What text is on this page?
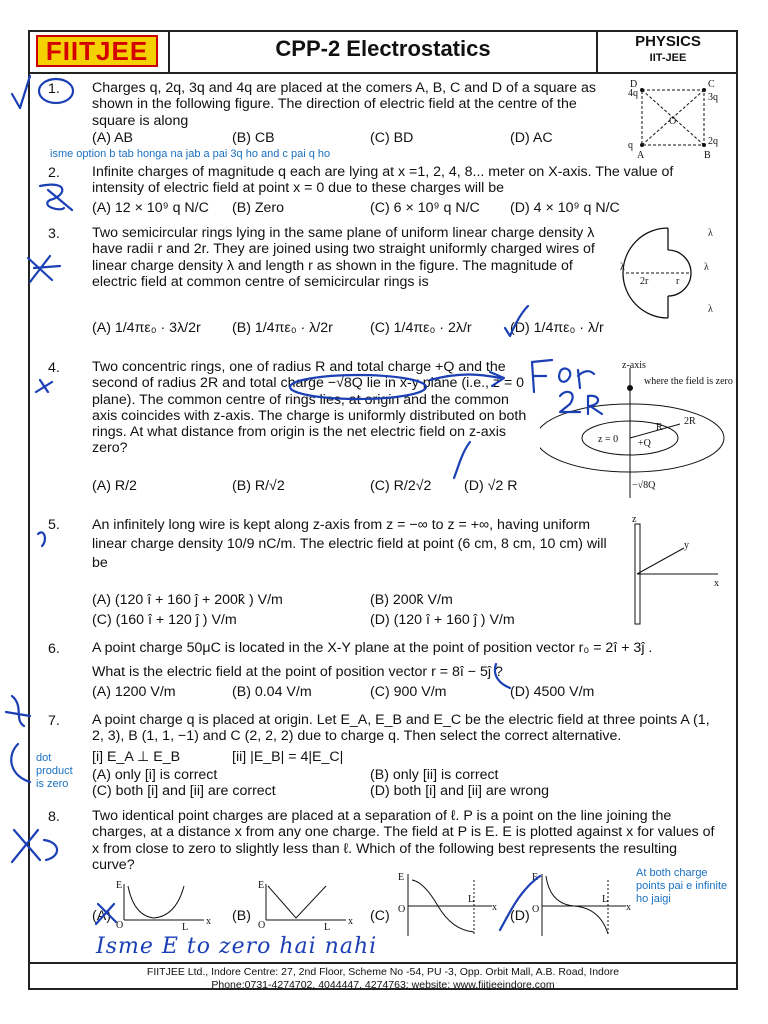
FIITJEE	CPP-2 Electrostatics	PHYSICS
IIT-JEE
1. Charges q, 2q, 3q and 4q are placed at the comers A, B, C and D of a square as shown in the following figure. The direction of electric field at the centre of the square is along
(A) AB	(B) CB	(C) BD	(D) AC
isme option b tab honga na jab a pai 3q ho and c pai q ho
4q
D	C
3q
O
q
A	B
2q
2. Infinite charges of magnitude q each are lying at x =1, 2, 4, 8... meter on X-axis. The value of intensity of electric field at point x = 0 due to these charges will be
(A) 12 × 10⁹ q N/C (B) Zero	(C) 6 × 10⁹ q N/C (D) 4 × 10⁹ q N/C
3. Two semicircular rings lying in the same plane of uniform linear charge density λ have radii r and 2r. They are joined using two straight uniformly charged wires of linear charge density λ and length r as shown in the figure. The magnitude of electric field at common centre of semicircular rings is
(A) 1/4πε₀ · 3λ/2r (B) 1/4πε₀ · λ/2r	(C) 1/4πε₀ · 2λ/r	(D) 1/4πε₀ · λ/r
λ
λ	λ
2r	r
λ
4. Two concentric rings, one of radius R and total charge +Q and the second of radius 2R and total charge −√8Q lie in x-y plane (i.e., z = 0 plane). The common centre of rings lies, at origin and the common axis coincides with z-axis. The charge is uniformly distributed on both rings. At what distance from origin is the net electric field on z-axis zero?
(A) R/2	(B) R/√2	(C) R/2√2 (D) √2 R
z-axis
where the field is zero
z = 0
R
2R
+Q
−√8Q
5. An infinitely long wire is kept along z-axis from z = −∞ to z = +∞, having uniform linear charge density 10/9 nC/m. The electric field at point (6 cm, 8 cm, 10 cm) will be
(A) (120 î + 160 ĵ + 200k̂ ) V/m	(B) 200k̂ V/m
(C) (160 î + 120 ĵ ) V/m	(D) (120 î + 160 ĵ ) V/m
z
y
x
6. A point charge 50μC is located in the X-Y plane at the point of position vector r₀ = 2î + 3ĵ .
What is the electric field at the point of position vector r = 8î − 5ĵ ?
(A) 1200 V/m	(B) 0.04 V/m	(C) 900 V/m	(D) 4500 V/m
7. A point charge q is placed at origin. Let E_A, E_B and E_C be the electric field at three points A (1, 2, 3), B (1, 1, −1) and C (2, 2, 2) due to charge q. Then select the correct alternative.
[i] E_A ⊥ E_B	[ii] |E_B| = 4|E_C|
(A) only [i] is correct	(B) only [ii] is correct
(C) both [i] and [ii] are correct	(D) both [i] and [ii] are wrong
dot product is zero
8. Two identical point charges are placed at a separation of ℓ. P is a point on the line joining the charges, at a distance x from any one charge. The field at P is E. E is plotted against x for values of x from close to zero to slightly less than ℓ. Which of the following best represents the resulting curve?
At both charge points pai e infinite ho jaigi
(A)	(B)	(C)	(D)
E
O	L
x
E
O	L
x
E
O
L
x
E
O
L
x
Isme E to zero hai nahi
FIITJEE Ltd., Indore Centre: 27, 2nd Floor, Scheme No -54, PU -3, Opp. Orbit Mall, A.B. Road, Indore
Phone:0731-4274702, 4044447, 4274763; website: www.fiitjeeindore.com
